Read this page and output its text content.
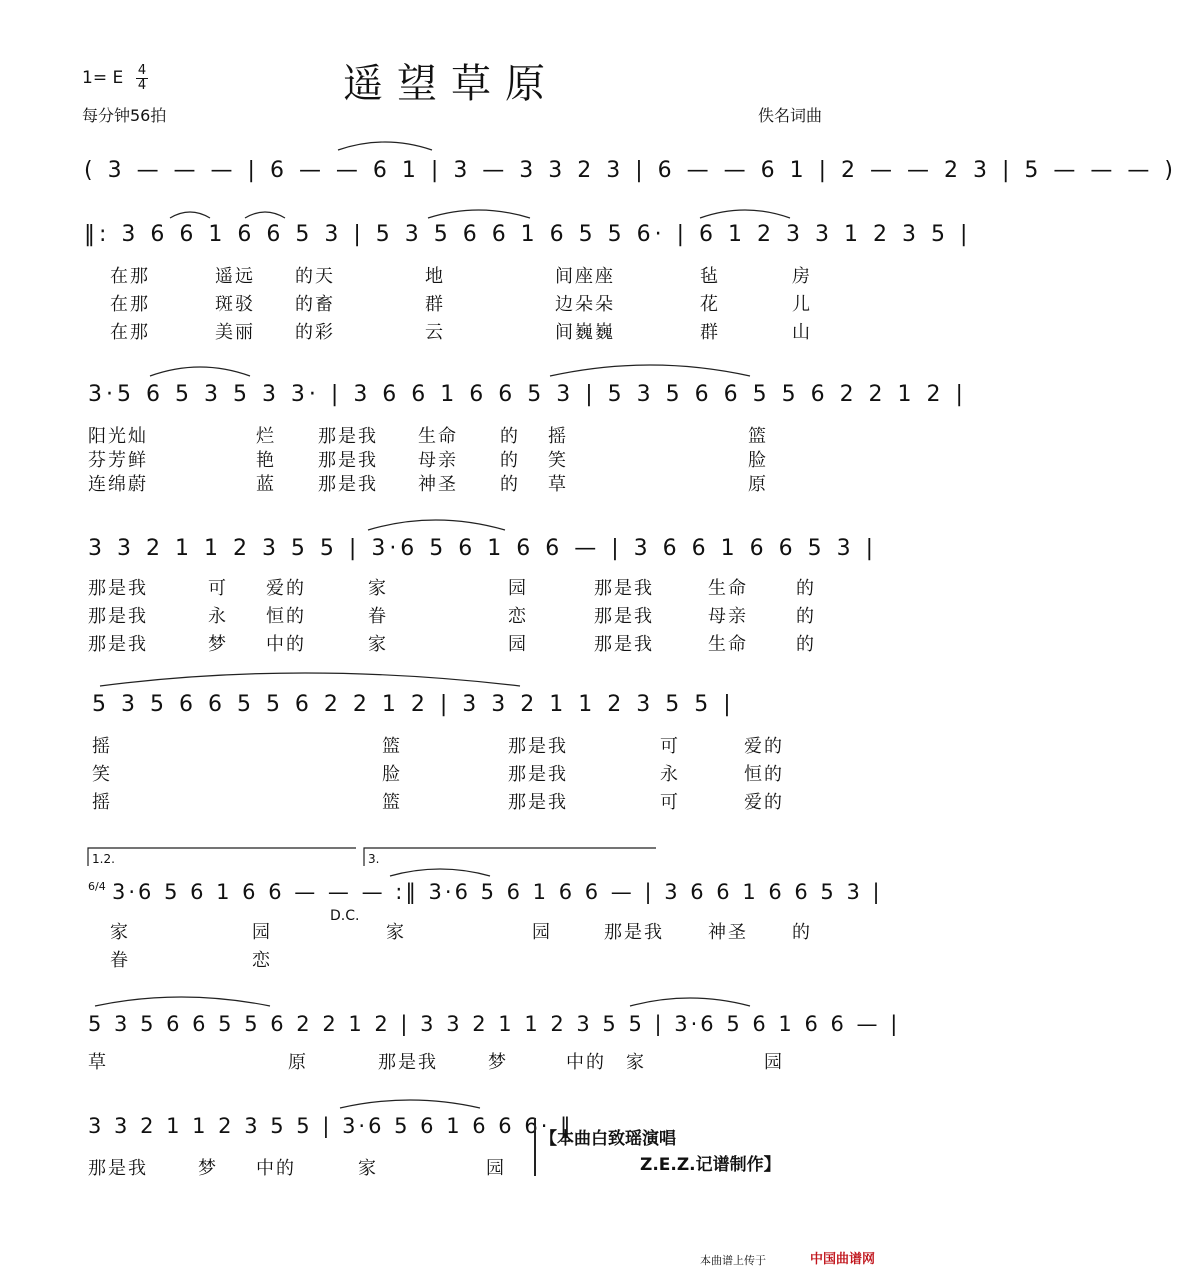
遥望草原
1= E $\frac{4}{4}$
每分钟56拍	佚名词曲
( 3 — — — | 6 — — 6 1 | 3 — 3 3 2 3 | 6 — — 6 1 | 2 — — 2 3 | 5 — — — )
‖: 3 6 6 1 6 6 5 3 | 5 3 5 6 6 1 6 5 5 6· | 6 1 2 3 3 1 2 3 5 |
在那	遥远 的天	地	间座座	毡	房
在那	斑驳 的畜	群	边朵朵	花	儿
在那	美丽 的彩	云	间巍巍	群	山
3·5 6 5 3 5 3 3· | 3 6 6 1 6 6 5 3 | 5 3 5 6 6 5 5 6 2 2 1 2 |
阳光灿	烂 那是我 生命 的 摇	篮
芬芳鲜	艳 那是我 母亲 的 笑	脸
连绵蔚	蓝 那是我 神圣 的 草	原
3 3 2 1 1 2 3 5 5 | 3·6 5 6 1 6 6 — | 3 6 6 1 6 6 5 3 |
那是我	可 爱的	家	园	那是我	生命	的
那是我	永 恒的	眷	恋	那是我	母亲	的
那是我	梦 中的	家	园	那是我	生命	的
5 3 5 6 6 5 5 6 2 2 1 2 | 3 3 2 1 1 2 3 5 5 |
摇	篮	那是我	可	爱的
笑	脸	那是我	永	恒的
摇	篮	那是我	可	爱的
1.2.	3.
6/4 3·6 5 6 1 6 6 — — — :‖ 3·6 5 6 1 6 6 — | 3 6 6 1 6 6 5 3 |
D.C.
家	园	家	园	那是我 神圣 的
眷	恋
5 3 5 6 6 5 5 6 2 2 1 2 | 3 3 2 1 1 2 3 5 5 | 3·6 5 6 1 6 6 — |
草	原	那是我	梦	中的 家	园
3 3 2 1 1 2 3 5 5 | 3·6 5 6 1 6 6 6· ‖
那是我	梦 中的	家	园
【本曲白致瑶演唱
Z.E.Z.记谱制作】
本曲谱上传于	中国曲谱网
